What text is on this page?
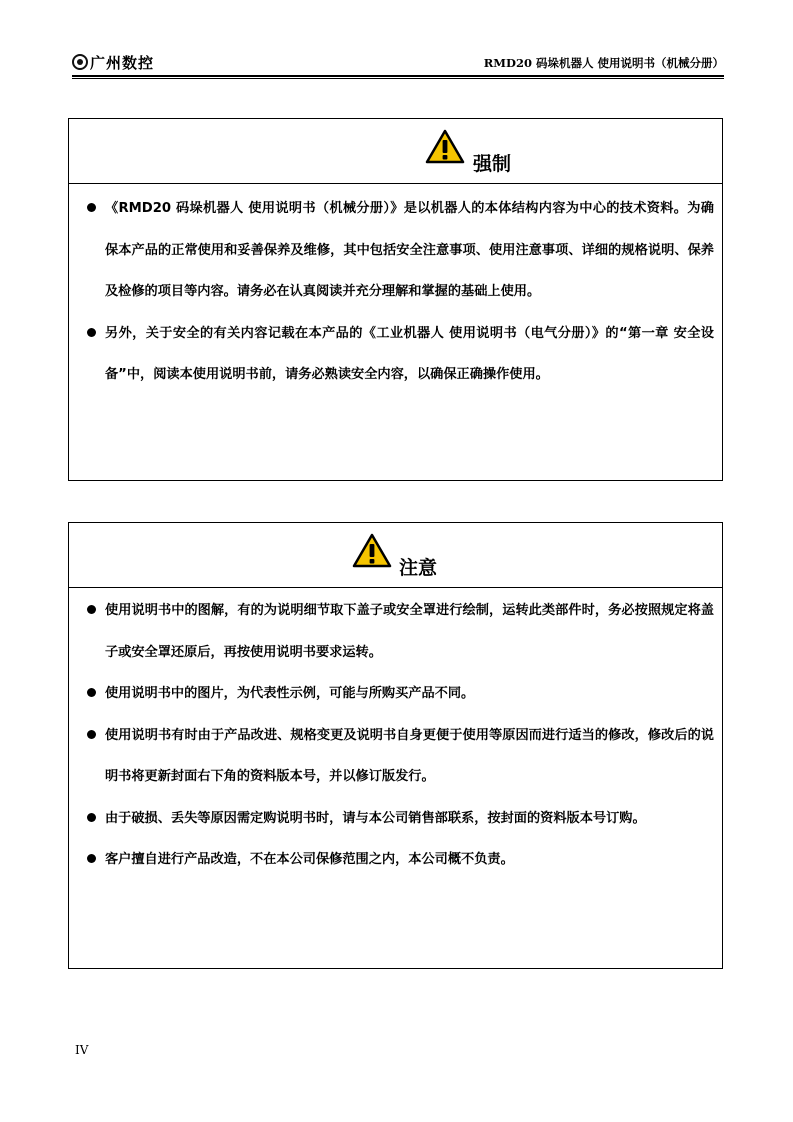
广州数控	RMD20 码垛机器人 使用说明书（机械分册）
强制
《RMD20 码垛机器人 使用说明书（机械分册）》是以机器人的本体结构内容为中心的技术资料。为确保本产品的正常使用和妥善保养及维修，其中包括安全注意事项、使用注意事项、详细的规格说明、保养及检修的项目等内容。请务必在认真阅读并充分理解和掌握的基础上使用。
另外，关于安全的有关内容记载在本产品的《工业机器人 使用说明书（电气分册）》的“第一章 安全设备”中，阅读本使用说明书前，请务必熟读安全内容，以确保正确操作使用。
注意
使用说明书中的图解，有的为说明细节取下盖子或安全罩进行绘制，运转此类部件时，务必按照规定将盖子或安全罩还原后，再按使用说明书要求运转。
使用说明书中的图片，为代表性示例，可能与所购买产品不同。
使用说明书有时由于产品改进、规格变更及说明书自身更便于使用等原因而进行适当的修改，修改后的说明书将更新封面右下角的资料版本号，并以修订版发行。
由于破损、丢失等原因需定购说明书时，请与本公司销售部联系，按封面的资料版本号订购。
客户擅自进行产品改造，不在本公司保修范围之内，本公司概不负责。
IV
